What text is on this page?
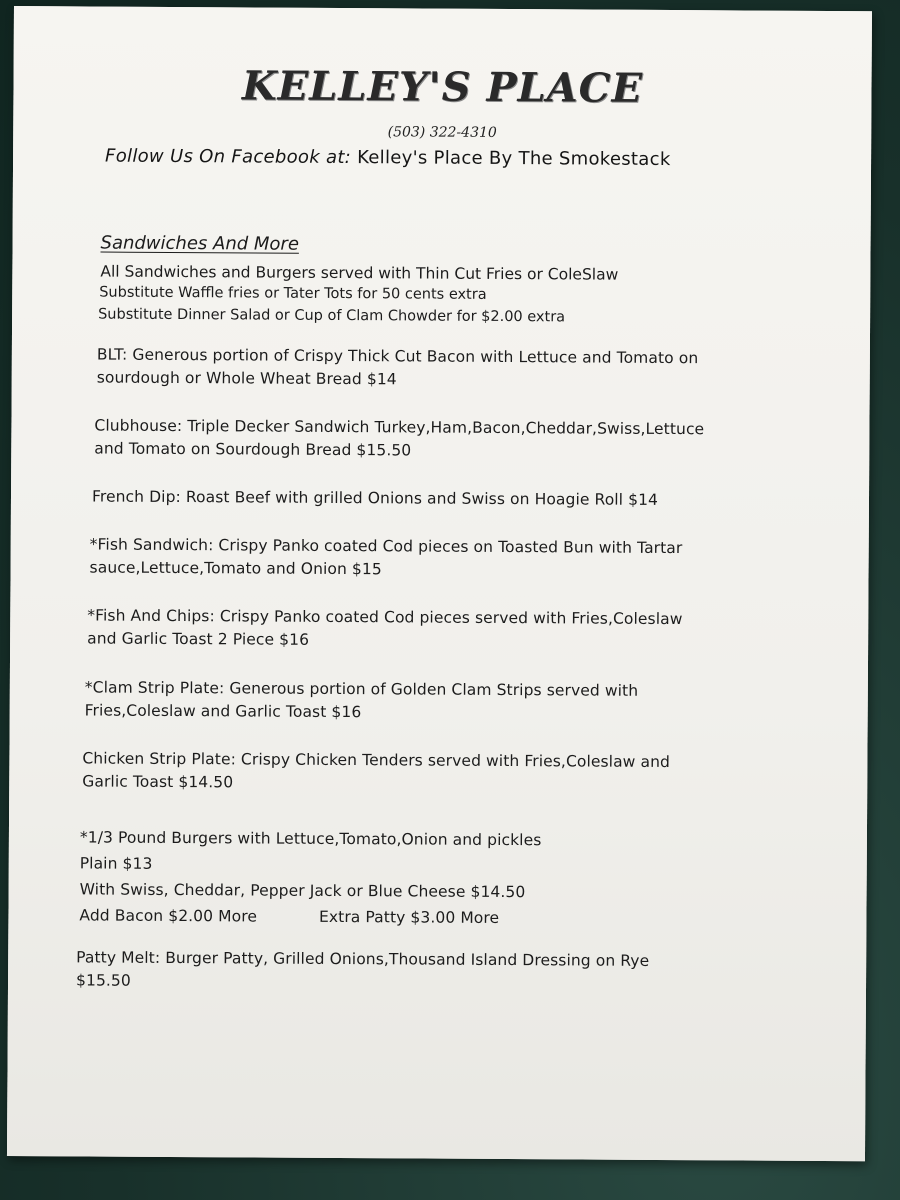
KELLEY'S PLACE
(503) 322-4310
Follow Us On Facebook at: Kelley's Place By The Smokestack
Sandwiches And More
All Sandwiches and Burgers served with Thin Cut Fries or ColeSlaw
Substitute Waffle fries or Tater Tots for 50 cents extra
Substitute Dinner Salad or Cup of Clam Chowder for $2.00 extra
BLT: Generous portion of Crispy Thick Cut Bacon with Lettuce and Tomato on
sourdough or Whole Wheat Bread $14
Clubhouse: Triple Decker Sandwich Turkey,Ham,Bacon,Cheddar,Swiss,Lettuce
and Tomato on Sourdough Bread $15.50
French Dip: Roast Beef with grilled Onions and Swiss on Hoagie Roll $14
*Fish Sandwich: Crispy Panko coated Cod pieces on Toasted Bun with Tartar
sauce,Lettuce,Tomato and Onion $15
*Fish And Chips: Crispy Panko coated Cod pieces served with Fries,Coleslaw
and Garlic Toast 2 Piece $16
*Clam Strip Plate: Generous portion of Golden Clam Strips served with
Fries,Coleslaw and Garlic Toast $16
Chicken Strip Plate: Crispy Chicken Tenders served with Fries,Coleslaw and
Garlic Toast $14.50
*1/3 Pound Burgers with Lettuce,Tomato,Onion and pickles
Plain $13
With Swiss, Cheddar, Pepper Jack or Blue Cheese $14.50
Add Bacon $2.00 More	Extra Patty $3.00 More
Patty Melt: Burger Patty, Grilled Onions,Thousand Island Dressing on Rye
$15.50
